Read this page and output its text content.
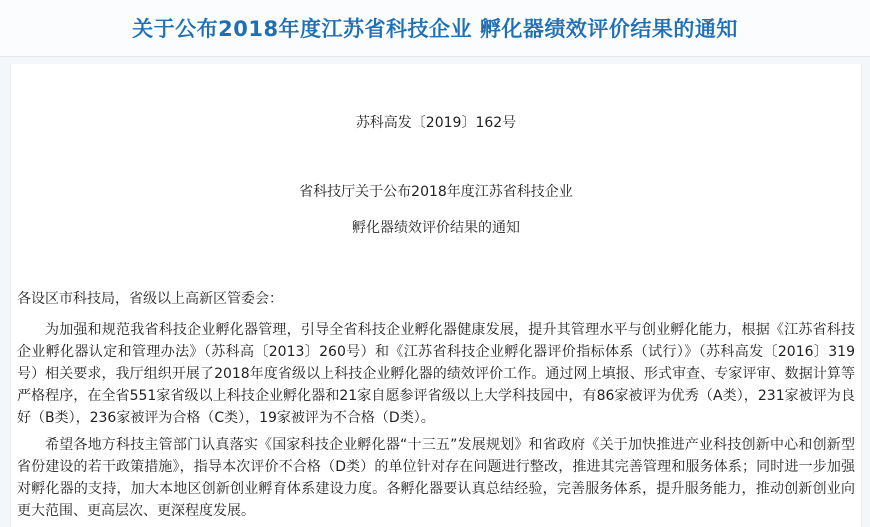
关于公布2018年度江苏省科技企业 孵化器绩效评价结果的通知
苏科高发〔2019〕162号
省科技厅关于公布2018年度江苏省科技企业
孵化器绩效评价结果的通知
各设区市科技局，省级以上高新区管委会：

为加强和规范我省科技企业孵化器管理，引导全省科技企业孵化器健康发展，提升其管理水平与创业孵化能力，根据《江苏省科技企业孵化器认定和管理办法》（苏科高〔2013〕260号）和《江苏省科技企业孵化器评价指标体系（试行）》（苏科高发〔2016〕319号）相关要求，我厅组织开展了2018年度省级以上科技企业孵化器的绩效评价工作。通过网上填报、形式审查、专家评审、数据计算等严格程序，在全省551家省级以上科技企业孵化器和21家自愿参评省级以上大学科技园中，有86家被评为优秀（A类），231家被评为良好（B类），236家被评为合格（C类），19家被评为不合格（D类）。

希望各地方科技主管部门认真落实《国家科技企业孵化器“十三五”发展规划》和省政府《关于加快推进产业科技创新中心和创新型省份建设的若干政策措施》，指导本次评价不合格（D类）的单位针对存在问题进行整改，推进其完善管理和服务体系；同时进一步加强对孵化器的支持，加大本地区创新创业孵育体系建设力度。各孵化器要认真总结经验，完善服务体系，提升服务能力，推动创新创业向更大范围、更高层次、更深程度发展。
